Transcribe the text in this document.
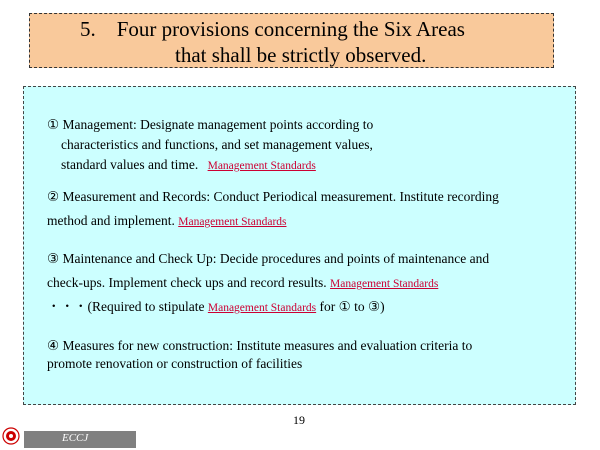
5.    Four provisions concerning the Six Areas
that shall be strictly observed.
① Management: Designate management points according to
characteristics and functions, and set management values,
standard values and time. Management Standards
② Measurement and Records: Conduct Periodical measurement. Institute recording
method and implement. Management Standards
③ Maintenance and Check Up: Decide procedures and points of maintenance and
check-ups. Implement check ups and record results. Management Standards
・・・(Required to stipulate Management Standards for ① to ③)
④ Measures for new construction: Institute measures and evaluation criteria to
promote renovation or construction of facilities
19
ECCJ
